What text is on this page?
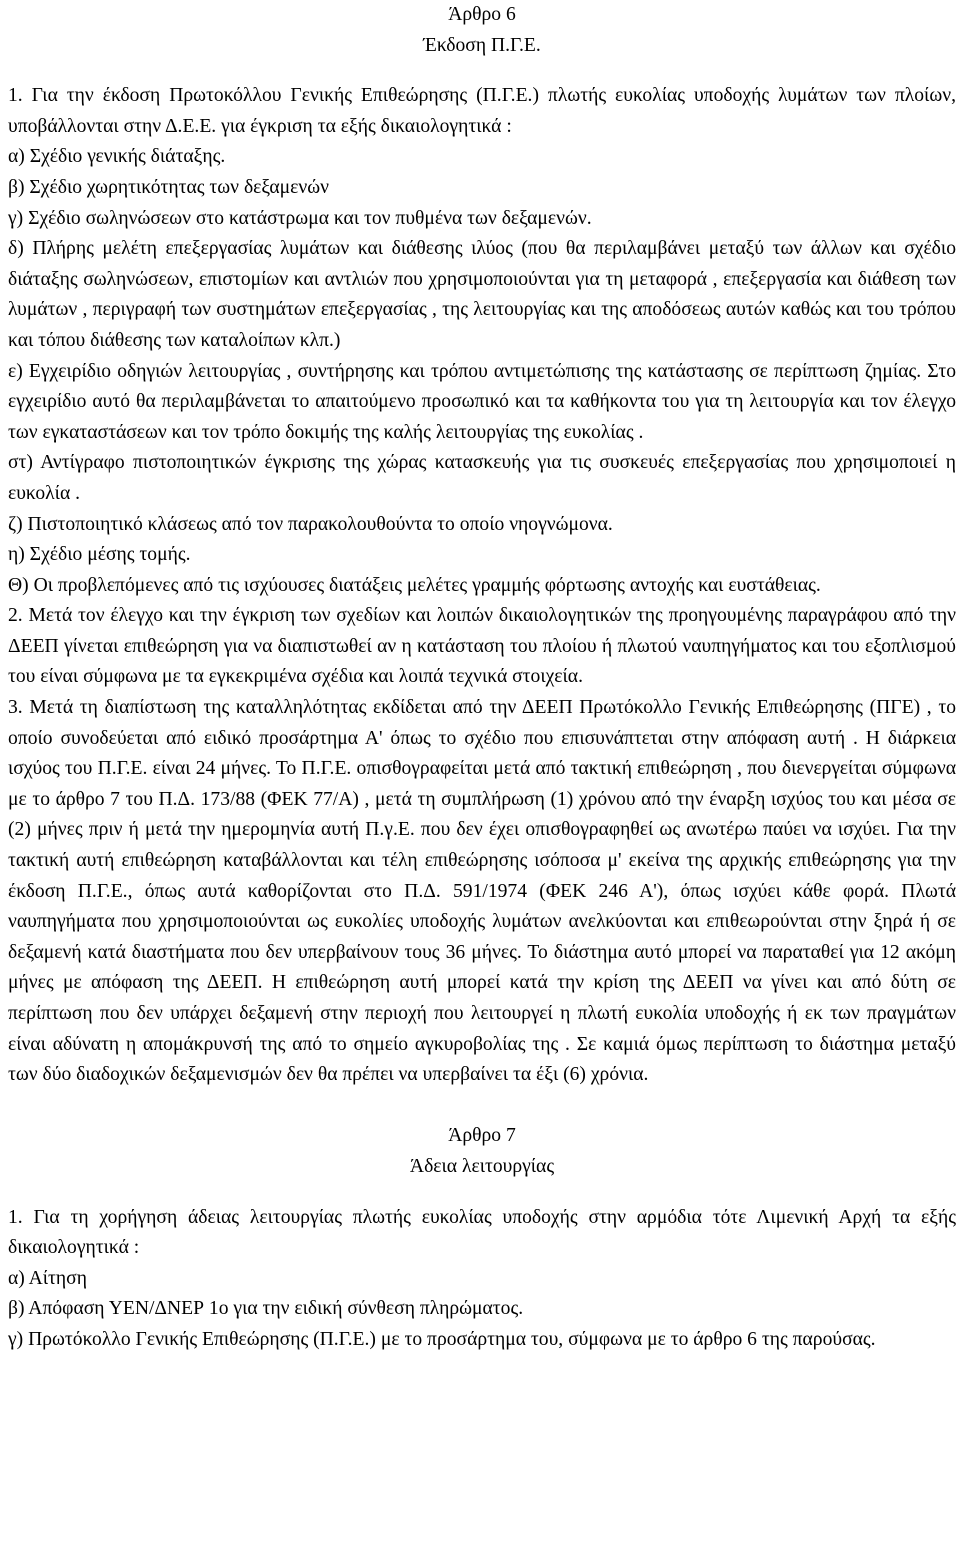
Άρθρο 6
Έκδοση Π.Γ.Ε.

1. Για την έκδοση Πρωτοκόλλου Γενικής Επιθεώρησης (Π.Γ.Ε.) πλωτής ευκολίας υποδοχής λυμάτων των πλοίων, υποβάλλονται στην Δ.Ε.Ε. για έγκριση τα εξής δικαιολογητικά :

α) Σχέδιο γενικής διάταξης.

β) Σχέδιο χωρητικότητας των δεξαμενών

γ) Σχέδιο σωληνώσεων στο κατάστρωμα και τον πυθμένα των δεξαμενών.

δ) Πλήρης μελέτη επεξεργασίας λυμάτων και διάθεσης ιλύος (που θα περιλαμβάνει μεταξύ των άλλων και σχέδιο διάταξης σωληνώσεων, επιστομίων και αντλιών που χρησιμοποιούνται για τη μεταφορά , επεξεργασία και διάθεση των λυμάτων , περιγραφή των συστημάτων επεξεργασίας , της λειτουργίας και της αποδόσεως αυτών καθώς και του τρόπου και τόπου διάθεσης των καταλοίπων κλπ.)

ε) Εγχειρίδιο οδηγιών λειτουργίας , συντήρησης και τρόπου αντιμετώπισης της κατάστασης σε περίπτωση ζημίας. Στο εγχειρίδιο αυτό θα περιλαμβάνεται το απαιτούμενο προσωπικό και τα καθήκοντα του για τη λειτουργία και τον έλεγχο των εγκαταστάσεων και τον τρόπο δοκιμής της καλής λειτουργίας της ευκολίας .

στ) Αντίγραφο πιστοποιητικών έγκρισης της χώρας κατασκευής για τις συσκευές επεξεργασίας που χρησιμοποιεί η ευκολία .

ζ) Πιστοποιητικό κλάσεως από τον παρακολουθούντα το οποίο νηογνώμονα.

η) Σχέδιο μέσης τομής.

Θ) Οι προβλεπόμενες από τις ισχύουσες διατάξεις μελέτες γραμμής φόρτωσης αντοχής και ευστάθειας.

2. Μετά τον έλεγχο και την έγκριση των σχεδίων και λοιπών δικαιολογητικών της προηγουμένης παραγράφου από την ΔΕΕΠ γίνεται επιθεώρηση για να διαπιστωθεί αν η κατάσταση του πλοίου ή πλωτού ναυπηγήματος και του εξοπλισμού του είναι σύμφωνα με τα εγκεκριμένα σχέδια και λοιπά τεχνικά στοιχεία.

3. Μετά τη διαπίστωση της καταλληλότητας εκδίδεται από την ΔΕΕΠ Πρωτόκολλο Γενικής Επιθεώρησης (ΠΓΕ) , το οποίο συνοδεύεται από ειδικό προσάρτημα Α' όπως το σχέδιο που επισυνάπτεται στην απόφαση αυτή . Η διάρκεια ισχύος του Π.Γ.Ε. είναι 24 μήνες. Το Π.Γ.Ε. οπισθογραφείται μετά από τακτική επιθεώρηση , που διενεργείται σύμφωνα με το άρθρο 7 του Π.Δ. 173/88 (ΦΕΚ 77/Α) , μετά τη συμπλήρωση (1) χρόνου από την έναρξη ισχύος του και μέσα σε (2) μήνες πριν ή μετά την ημερομηνία αυτή Π.γ.Ε. που δεν έχει οπισθογραφηθεί ως ανωτέρω παύει να ισχύει. Για την τακτική αυτή επιθεώρηση καταβάλλονται και τέλη επιθεώρησης ισόποσα μ' εκείνα της αρχικής επιθεώρησης για την έκδοση Π.Γ.Ε., όπως αυτά καθορίζονται στο Π.Δ. 591/1974 (ΦΕΚ 246 Α'), όπως ισχύει κάθε φορά. Πλωτά ναυπηγήματα που χρησιμοποιούνται ως ευκολίες υποδοχής λυμάτων ανελκύονται και επιθεωρούνται στην ξηρά ή σε δεξαμενή κατά διαστήματα που δεν υπερβαίνουν τους 36 μήνες. Το διάστημα αυτό μπορεί να παραταθεί για 12 ακόμη μήνες με απόφαση της ΔΕΕΠ. Η επιθεώρηση αυτή μπορεί κατά την κρίση της ΔΕΕΠ να γίνει και από δύτη σε περίπτωση που δεν υπάρχει δεξαμενή στην περιοχή που λειτουργεί η πλωτή ευκολία υποδοχής ή εκ των πραγμάτων είναι αδύνατη η απομάκρυνσή της από το σημείο αγκυροβολίας της . Σε καμιά όμως περίπτωση το διάστημα μεταξύ των δύο διαδοχικών δεξαμενισμών δεν θα πρέπει να υπερβαίνει τα έξι (6) χρόνια.

Άρθρο 7
Άδεια λειτουργίας

1. Για τη χορήγηση άδειας λειτουργίας πλωτής ευκολίας υποδοχής στην αρμόδια τότε Λιμενική Αρχή τα εξής δικαιολογητικά :

α) Αίτηση

β) Απόφαση ΥΕΝ/ΔΝΕΡ 1ο για την ειδική σύνθεση πληρώματος.

γ) Πρωτόκολλο Γενικής Επιθεώρησης (Π.Γ.Ε.) με το προσάρτημα του, σύμφωνα με το άρθρο 6 της παρούσας.
